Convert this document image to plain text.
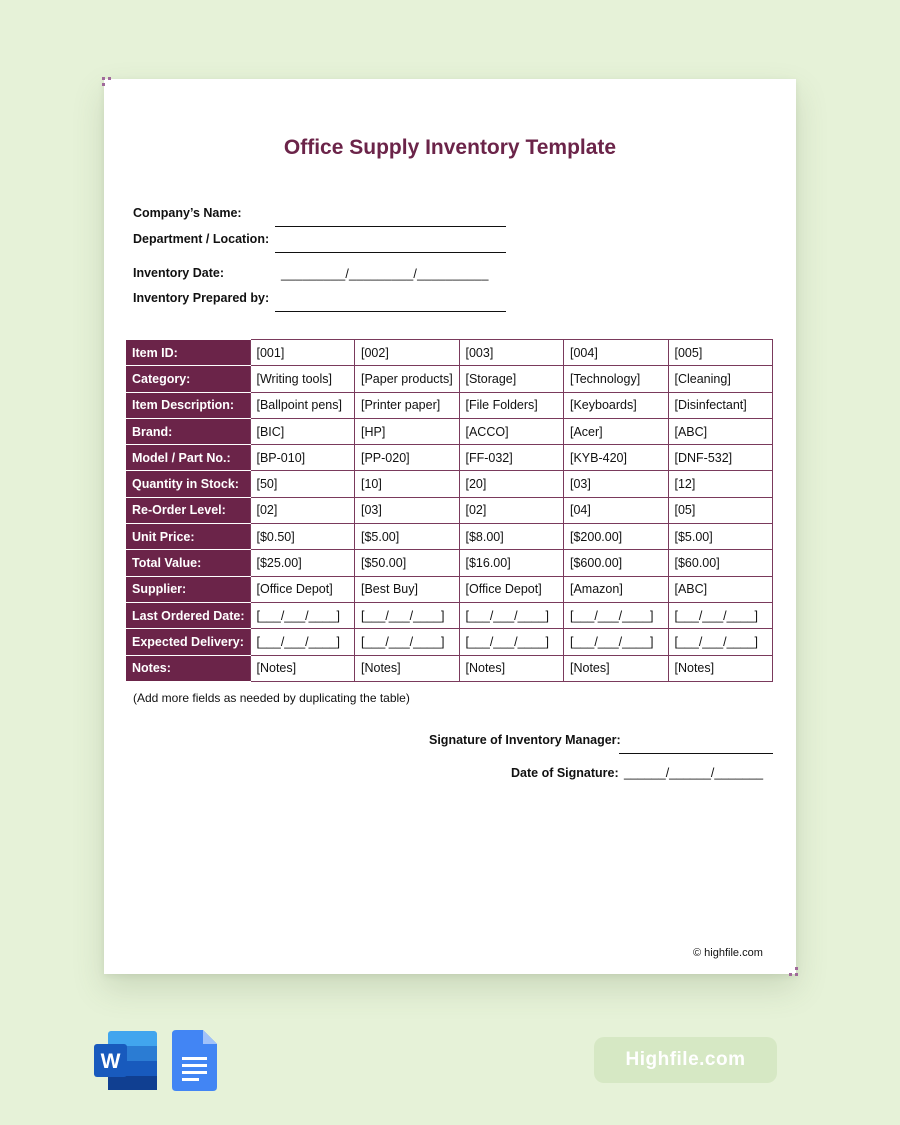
Office Supply Inventory Template
Company’s Name:
Department / Location:
Inventory Date:	_________/_________/__________
Inventory Prepared by:
Item ID:	[001]	[002]	[003]	[004]	[005]
Category:	[Writing tools]	[Paper products]	[Storage]	[Technology]	[Cleaning]
Item Description:	[Ballpoint pens]	[Printer paper]	[File Folders]	[Keyboards]	[Disinfectant]
Brand:	[BIC]	[HP]	[ACCO]	[Acer]	[ABC]
Model / Part No.:	[BP-010]	[PP-020]	[FF-032]	[KYB-420]	[DNF-532]
Quantity in Stock:	[50]	[10]	[20]	[03]	[12]
Re-Order Level:	[02]	[03]	[02]	[04]	[05]
Unit Price:	[$0.50]	[$5.00]	[$8.00]	[$200.00]	[$5.00]
Total Value:	[$25.00]	[$50.00]	[$16.00]	[$600.00]	[$60.00]
Supplier:	[Office Depot]	[Best Buy]	[Office Depot]	[Amazon]	[ABC]
Last Ordered Date:	[___/___/____]	[___/___/____]	[___/___/____]	[___/___/____]	[___/___/____]
Expected Delivery:	[___/___/____]	[___/___/____]	[___/___/____]	[___/___/____]	[___/___/____]
Notes:	[Notes]	[Notes]	[Notes]	[Notes]	[Notes]
(Add more fields as needed by duplicating the table)
Signature of Inventory Manager:
Date of Signature: ______/______/_______
© highfile.com
W	Highfile.com
